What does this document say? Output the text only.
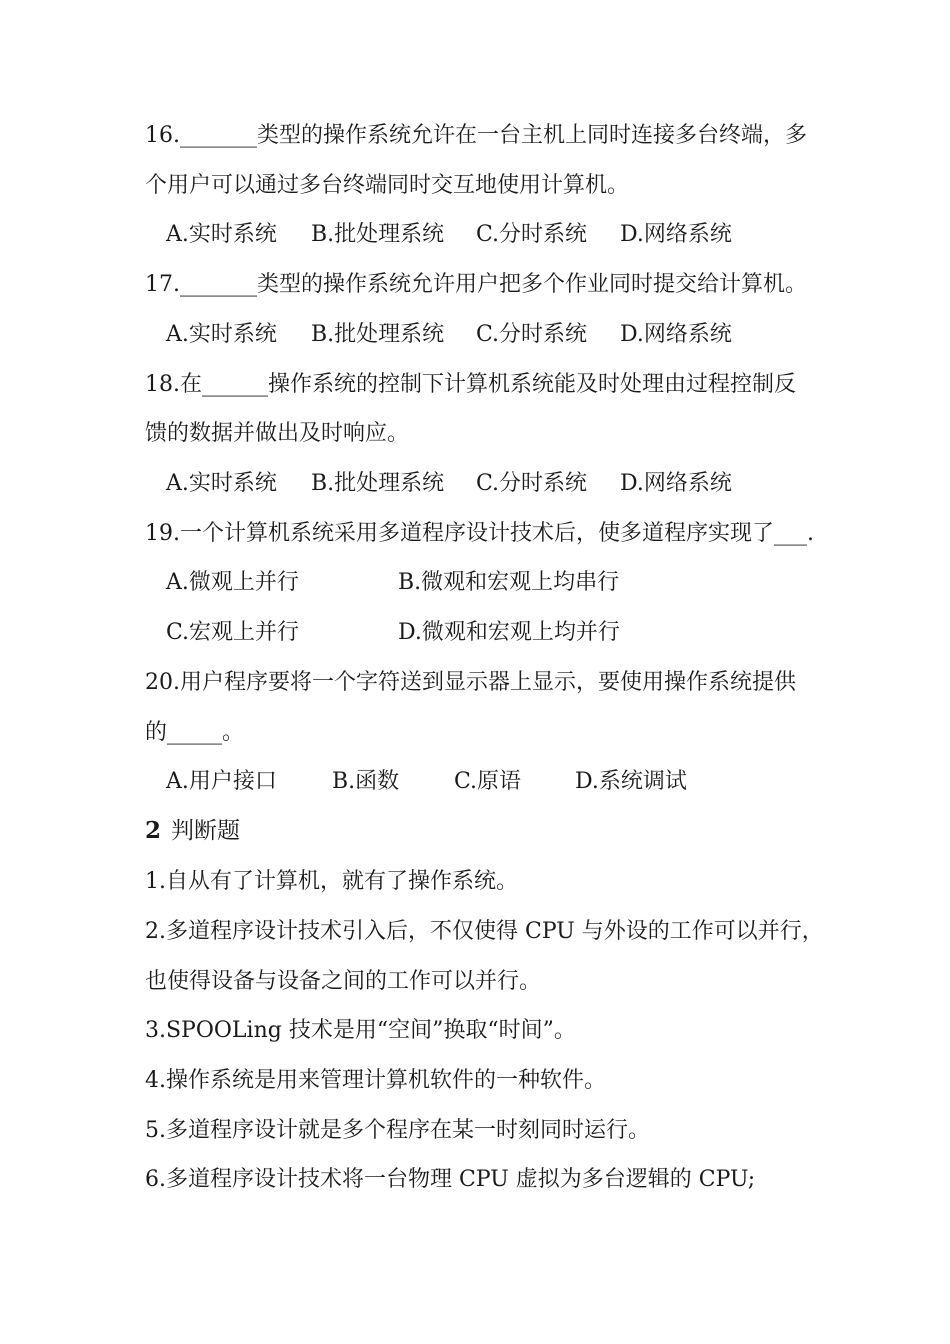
16._______类型的操作系统允许在一台主机上同时连接多台终端，多
个用户可以通过多台终端同时交互地使用计算机。
A.实时系统 B.批处理系统 C.分时系统 D.网络系统
17._______类型的操作系统允许用户把多个作业同时提交给计算机。
A.实时系统 B.批处理系统 C.分时系统 D.网络系统
18.在______操作系统的控制下计算机系统能及时处理由过程控制反
馈的数据并做出及时响应。
A.实时系统 B.批处理系统 C.分时系统 D.网络系统
19.一个计算机系统采用多道程序设计技术后，使多道程序实现了___.
A.微观上并行	B.微观和宏观上均串行
C.宏观上并行	D.微观和宏观上均并行
20.用户程序要将一个字符送到显示器上显示，要使用操作系统提供
的_____。
A.用户接口	B.函数 C.原语 D.系统调试
2 判断题
1.自从有了计算机，就有了操作系统。
2.多道程序设计技术引入后，不仅使得 CPU 与外设的工作可以并行，
也使得设备与设备之间的工作可以并行。
3.SPOOLing 技术是用“空间”换取“时间”。
4.操作系统是用来管理计算机软件的一种软件。
5.多道程序设计就是多个程序在某一时刻同时运行。
6.多道程序设计技术将一台物理 CPU 虚拟为多台逻辑的 CPU;
